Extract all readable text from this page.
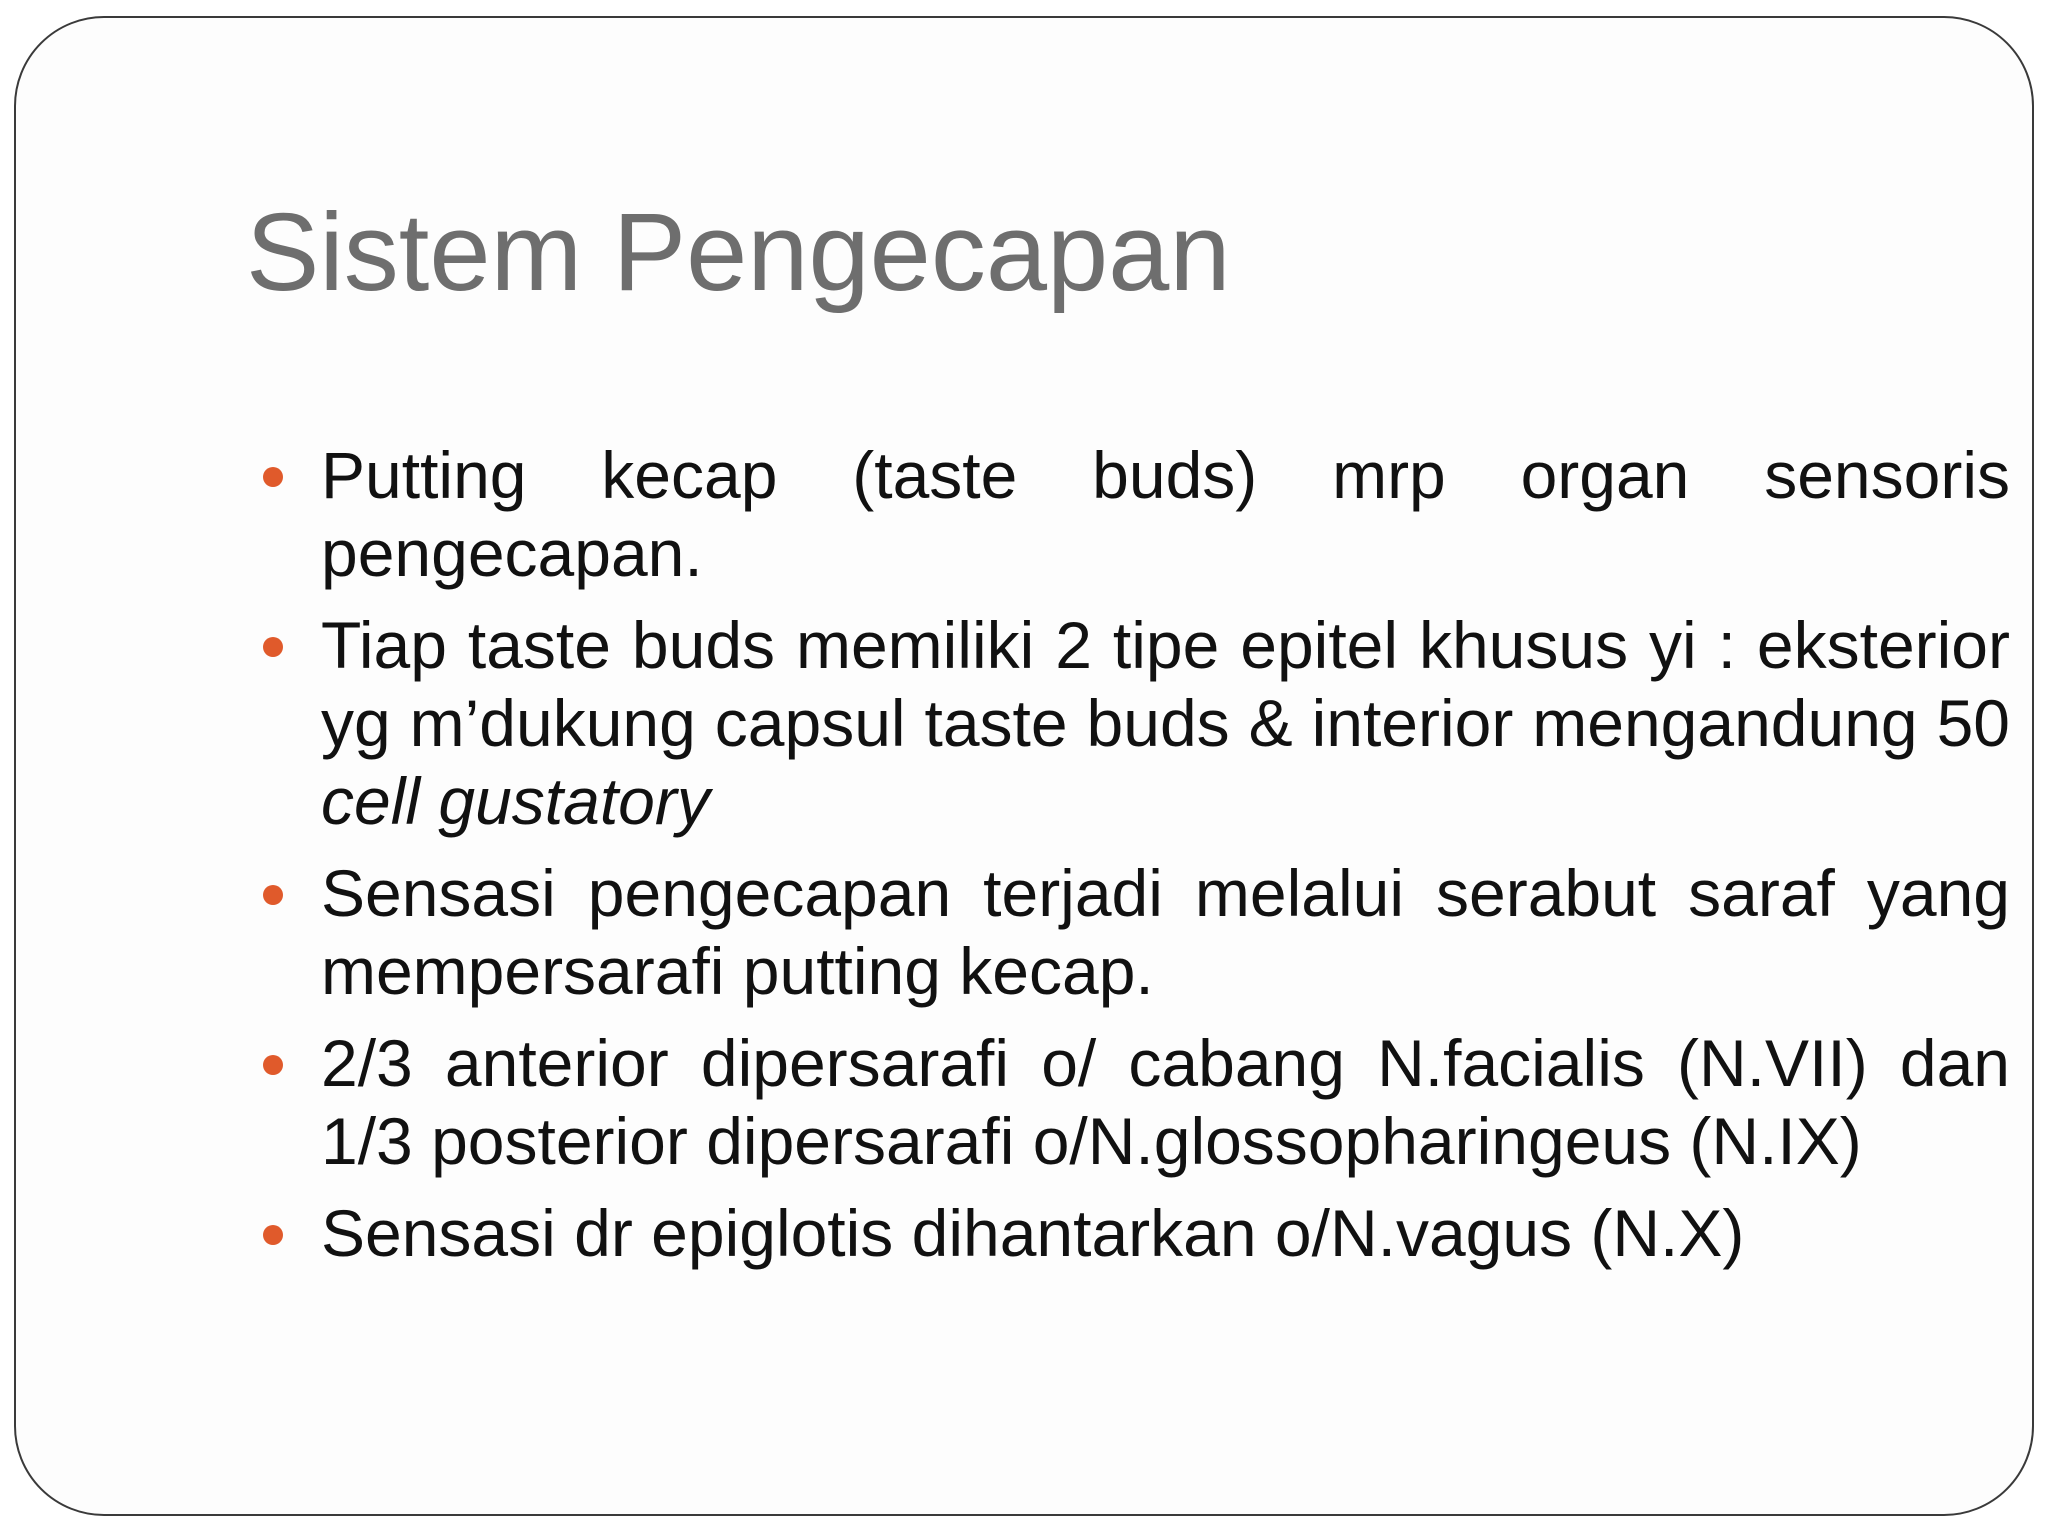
Sistem Pengecapan
Putting kecap (taste buds) mrp organ sensoris pengecapan.
Tiap taste buds memiliki 2 tipe epitel khusus yi : eksterior yg m’dukung capsul taste buds & interior mengandung 50 cell gustatory
Sensasi pengecapan terjadi melalui serabut saraf yang mempersarafi putting kecap.
2/3 anterior dipersarafi o/ cabang N.facialis (N.VII) dan 1/3 posterior dipersarafi o/N.glossopharingeus (N.IX)
Sensasi dr epiglotis dihantarkan o/N.vagus (N.X)
